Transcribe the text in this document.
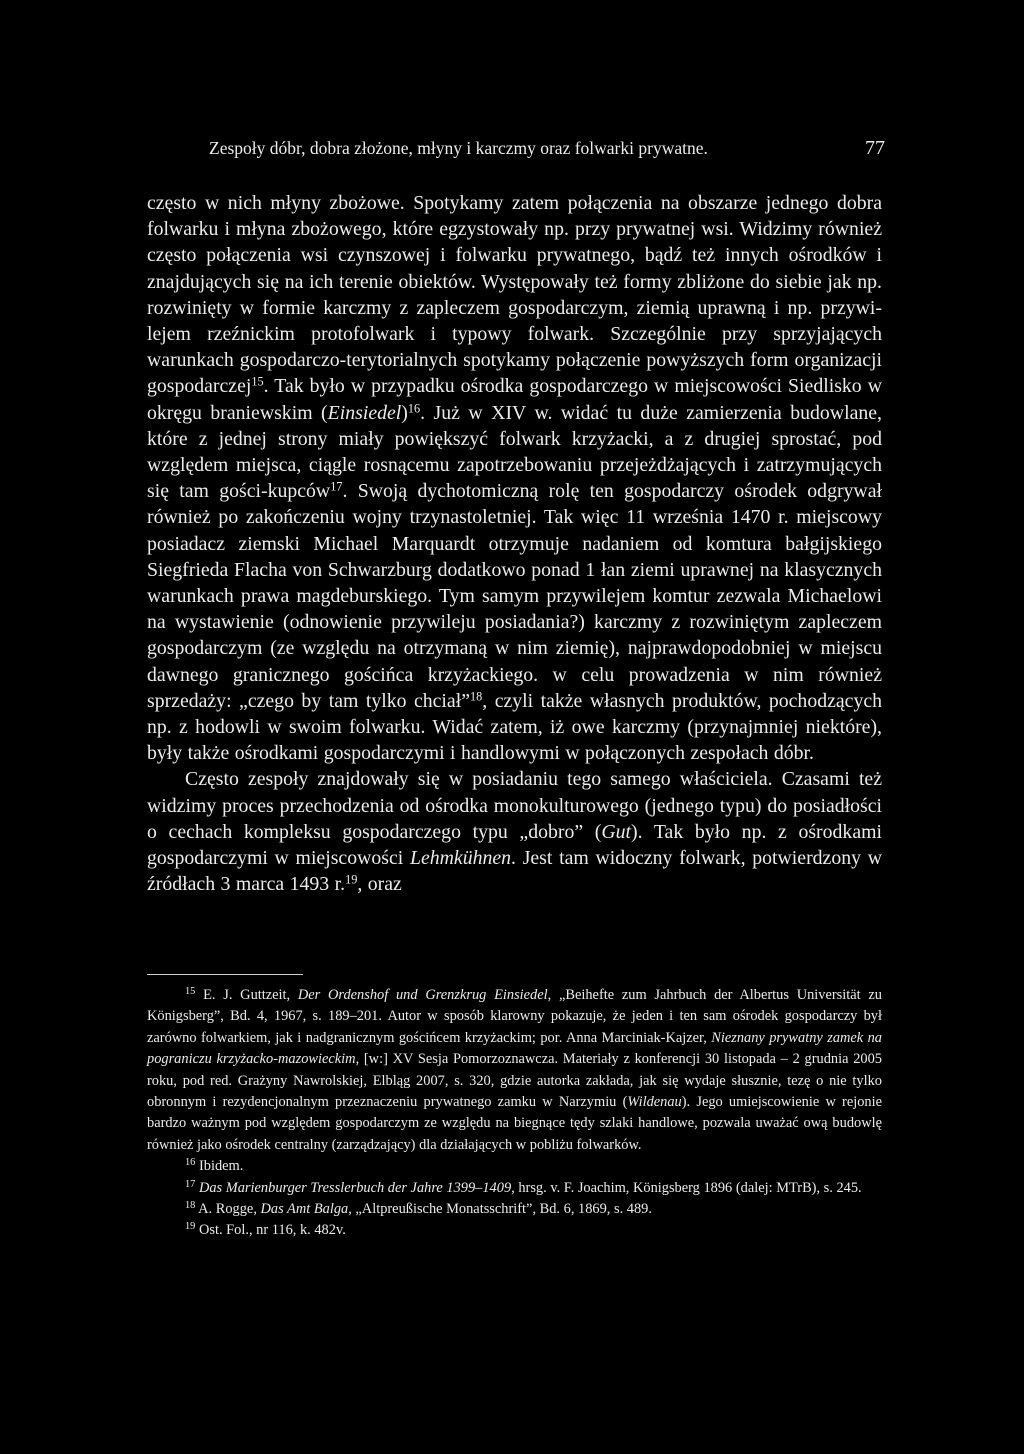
Zespoły dóbr, dobra złożone, młyny i karczmy oraz folwarki prywatne.	77

często w nich młyny zbożowe. Spotykamy zatem połączenia na obszarze jednego dobra folwarku i młyna zbożowego, które egzystowały np. przy prywatnej wsi. Widzimy również często połączenia wsi czynszowej i folwarku prywatnego, bądź też innych ośrodków i znajdujących się na ich terenie obiektów. Występowały też formy zbliżone do siebie jak np. rozwinięty w formie karczmy z zapleczem gospodarczym, ziemią uprawną i np. przywilejem rzeźnickim protofolwark i typowy folwark. Szczególnie przy sprzyjających warunkach gospodarczo-terytorialnych spotykamy połączenie powyższych form organizacji gospodarczej$^{15}$. Tak było w przypadku ośrodka gospodarczego w miejscowości Siedlisko w okręgu braniewskim (Einsiedel)$^{16}$. Już w XIV w. widać tu duże zamierzenia budowlane, które z jednej strony miały powiększyć folwark krzyżacki, a z drugiej sprostać, pod względem miejsca, ciągle rosnącemu zapotrzebowaniu przejeżdżających i zatrzymujących się tam gości-kupców$^{17}$. Swoją dychotomiczną rolę ten gospodarczy ośrodek odgrywał również po zakończeniu wojny trzynastoletniej. Tak więc 11 września 1470 r. miejscowy posiadacz ziemski Michael Marquardt otrzymuje nadaniem od komtura bałgijskiego Siegfrieda Flacha von Schwarzburg dodatkowo ponad 1 łan ziemi uprawnej na klasycznych warunkach prawa magdeburskiego. Tym samym przywilejem komtur zezwala Michaelowi na wystawienie (odnowienie przywileju posiadania?) karczmy z rozwiniętym zapleczem gospodarczym (ze względu na otrzymaną w nim ziemię), najprawdopodobniej w miejscu dawnego granicznego gościńca krzyżackiego. w celu prowadzenia w nim również sprzedaży: „czego by tam tylko chciał”$^{18}$, czyli także własnych produktów, pochodzących np. z hodowli w swoim folwarku. Widać zatem, iż owe karczmy (przynajmniej niektóre), były także ośrodkami gospodarczymi i handlowymi w połączonych zespołach dóbr.

Często zespoły znajdowały się w posiadaniu tego samego właściciela. Czasami też widzimy proces przechodzenia od ośrodka monokulturowego (jednego typu) do posiadłości o cechach kompleksu gospodarczego typu „dobro” (Gut). Tak było np. z ośrodkami gospodarczymi w miejscowości Lehmkühnen. Jest tam widoczny folwark, potwierdzony w źródłach 3 marca 1493 r.$^{19}$, oraz

$^{15}$ E. J. Guttzeit, Der Ordenshof und Grenzkrug Einsiedel, „Beihefte zum Jahrbuch der Albertus Universität zu Königsberg”, Bd. 4, 1967, s. 189–201. Autor w sposób klarowny pokazuje, że jeden i ten sam ośrodek gospodarczy był zarówno folwarkiem, jak i nadgranicznym gościńcem krzyżackim; por. Anna Marciniak-Kajzer, Nieznany prywatny zamek na pograniczu krzyżacko-mazowieckim, [w:] XV Sesja Pomorzoznawcza. Materiały z konferencji 30 listopada – 2 grudnia 2005 roku, pod red. Grażyny Nawrolskiej, Elbląg 2007, s. 320, gdzie autorka zakłada, jak się wydaje słusznie, tezę o nie tylko obronnym i rezydencjonalnym przeznaczeniu prywatnego zamku w Narzymiu (Wildenau). Jego umiejscowienie w rejonie bardzo ważnym pod względem gospodarczym ze względu na biegnące tędy szlaki handlowe, pozwala uważać ową budowlę również jako ośrodek centralny (zarządzający) dla działających w pobliżu folwarków.

$^{16}$ Ibidem.

$^{17}$ Das Marienburger Tresslerbuch der Jahre 1399–1409, hrsg. v. F. Joachim, Königsberg 1896 (dalej: MTrB), s. 245.

$^{18}$ A. Rogge, Das Amt Balga, „Altpreußische Monatsschrift”, Bd. 6, 1869, s. 489.

$^{19}$ Ost. Fol., nr 116, k. 482v.
